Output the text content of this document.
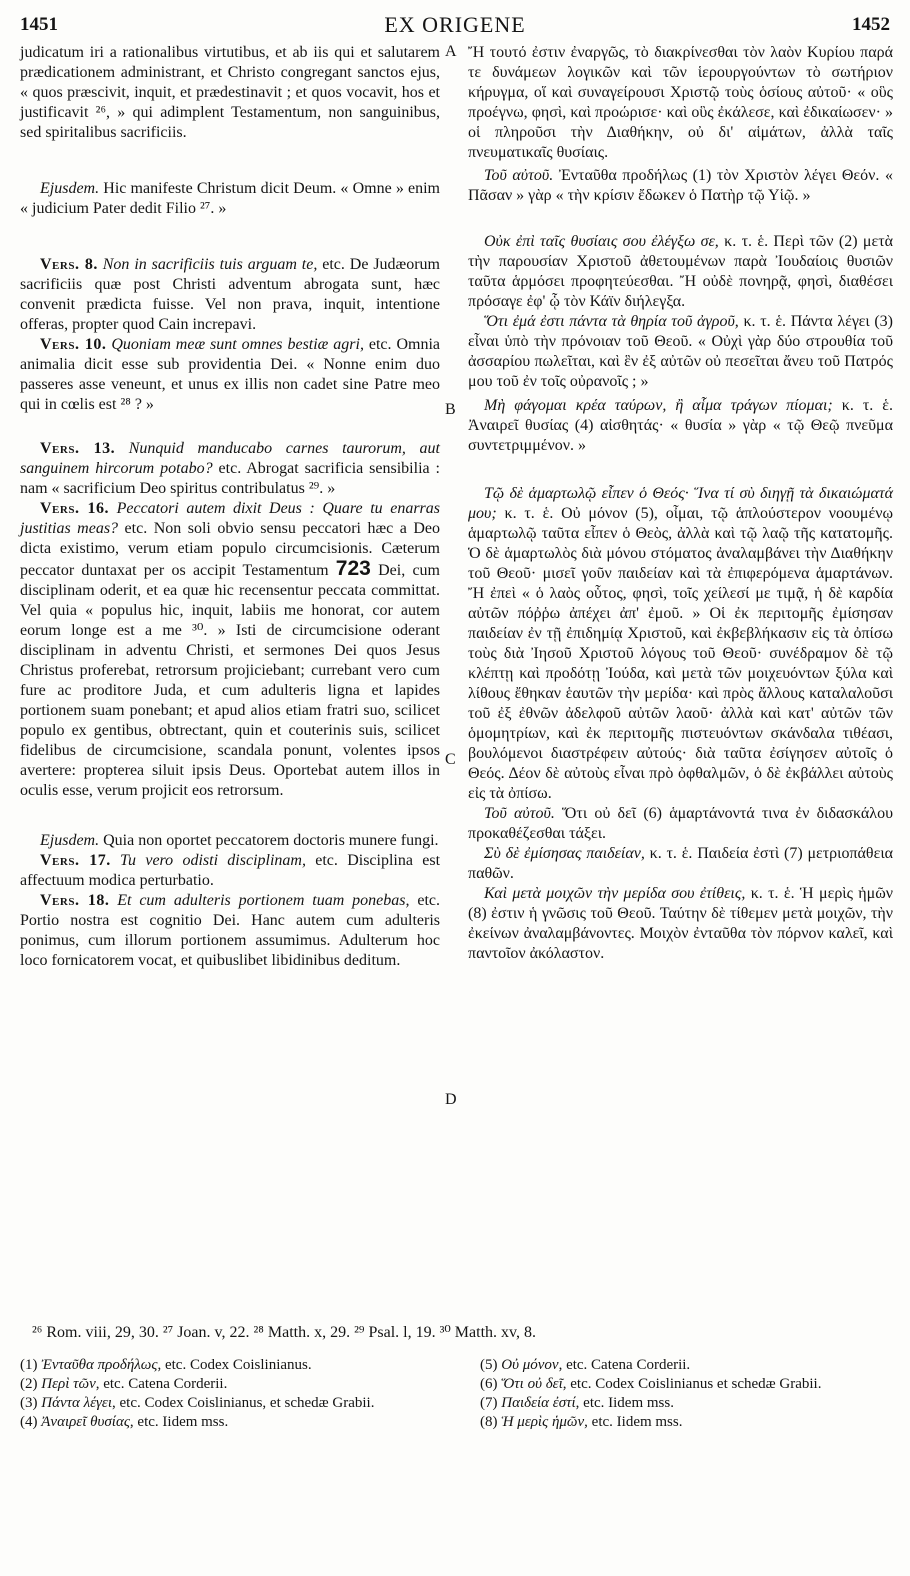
1451	EX ORIGENE	1452

judicatum iri a rationalibus virtutibus, et ab iis qui et salutarem prædicationem administrant, et Christo congregant sanctos ejus, « quos præscivit, inquit, et prædestinavit ; et quos vocavit, hos et justificavit ²⁶, » qui adimplent Testamentum, non sanguinibus, sed spiritalibus sacrificiis.

Ejusdem. Hic manifeste Christum dicit Deum. « Omne » enim « judicium Pater dedit Filio ²⁷. »

Vers. 8. Non in sacrificiis tuis arguam te, etc. De Judæorum sacrificiis quæ post Christi adventum abrogata sunt, hæc convenit prædicta fuisse. Vel non prava, inquit, intentione offeras, propter quod Cain increpavi.

Vers. 10. Quoniam meæ sunt omnes bestiæ agri, etc. Omnia animalia dicit esse sub providentia Dei. « Nonne enim duo passeres asse veneunt, et unus ex illis non cadet sine Patre meo qui in cœlis est ²⁸ ? »

Vers. 13. Nunquid manducabo carnes taurorum, aut sanguinem hircorum potabo? etc. Abrogat sacrificia sensibilia : nam « sacrificium Deo spiritus contribulatus ²⁹. »

Vers. 16. Peccatori autem dixit Deus : Quare tu enarras justitias meas? etc. Non soli obvio sensu peccatori hæc a Deo dicta existimo, verum etiam populo circumcisionis. Cæterum peccator duntaxat per os accipit Testamentum 723 Dei, cum disciplinam oderit, et ea quæ hic recensentur peccata committat. Vel quia « populus hic, inquit, labiis me honorat, cor autem eorum longe est a me ³⁰. » Isti de circumcisione oderant disciplinam in adventu Christi, et sermones Dei quos Jesus Christus proferebat, retrorsum projiciebant; currebant vero cum fure ac proditore Juda, et cum adulteris ligna et lapides portionem suam ponebant; et apud alios etiam fratri suo, scilicet populo ex gentibus, obtrectant, quin et couterinis suis, scilicet fidelibus de circumcisione, scandala ponunt, volentes ipsos avertere: propterea siluit ipsis Deus. Oportebat autem illos in oculis esse, verum projicit eos retrorsum.

Ejusdem. Quia non oportet peccatorem doctoris munere fungi.

Vers. 17. Tu vero odisti disciplinam, etc. Disciplina est affectuum modica perturbatio.

Vers. 18. Et cum adulteris portionem tuam ponebas, etc. Portio nostra est cognitio Dei. Hanc autem cum adulteris ponimus, cum illorum portionem assumimus. Adulterum hoc loco fornicatorem vocat, et quibuslibet libidinibus deditum.

A
B
C
D

Ἤ τουτό ἐστιν ἐναργῶς, τὸ διακρίνεσθαι τὸν λαὸν Κυρίου παρά τε δυνάμεων λογικῶν καὶ τῶν ἱερουργούντων τὸ σωτήριον κήρυγμα, οἵ καὶ συναγείρουσι Χριστῷ τοὺς ὁσίους αὐτοῦ· « οὓς προέγνω, φησὶ, καὶ προώρισε· καὶ οὓς ἐκάλεσε, καὶ ἐδικαίωσεν· » οἱ πληροῦσι τὴν Διαθήκην, οὐ δι' αἱμάτων, ἀλλὰ ταῖς πνευματικαῖς θυσίαις.

Τοῦ αὐτοῦ. Ἐνταῦθα προδήλως (1) τὸν Χριστὸν λέγει Θεόν. « Πᾶσαν » γὰρ « τὴν κρίσιν ἔδωκεν ὁ Πατὴρ τῷ Υἱῷ. »

Οὐκ ἐπὶ ταῖς θυσίαις σου ἐλέγξω σε, κ. τ. ἑ. Περὶ τῶν (2) μετὰ τὴν παρουσίαν Χριστοῦ ἀθετουμένων παρὰ Ἰουδαίοις θυσιῶν ταῦτα ἁρμόσει προφητεύεσθαι. Ἤ οὐδὲ πονηρᾷ, φησὶ, διαθέσει πρόσαγε ἐφ' ᾧ τὸν Κάϊν διήλεγξα.

Ὅτι ἐμά ἐστι πάντα τὰ θηρία τοῦ ἀγροῦ, κ. τ. ἑ. Πάντα λέγει (3) εἶναι ὑπὸ τὴν πρόνοιαν τοῦ Θεοῦ. « Οὐχὶ γὰρ δύο στρουθία τοῦ ἀσσαρίου πωλεῖται, καὶ ἓν ἐξ αὐτῶν οὐ πεσεῖται ἄνευ τοῦ Πατρός μου τοῦ ἐν τοῖς οὐρανοῖς ; »

Μὴ φάγομαι κρέα ταύρων, ἢ αἷμα τράγων πίομαι; κ. τ. ἑ. Ἀναιρεῖ θυσίας (4) αἰσθητάς· « θυσία » γὰρ « τῷ Θεῷ πνεῦμα συντετριμμένον. »

Τῷ δὲ ἁμαρτωλῷ εἶπεν ὁ Θεός· Ἵνα τί σὺ διηγῇ τὰ δικαιώματά μου; κ. τ. ἑ. Οὐ μόνον (5), οἶμαι, τῷ ἁπλούστερον νοουμένῳ ἁμαρτωλῷ ταῦτα εἶπεν ὁ Θεὸς, ἀλλὰ καὶ τῷ λαῷ τῆς κατατομῆς. Ὁ δὲ ἁμαρτωλὸς διὰ μόνου στόματος ἀναλαμβάνει τὴν Διαθήκην τοῦ Θεοῦ· μισεῖ γοῦν παιδείαν καὶ τὰ ἐπιφερόμενα ἁμαρτάνων. Ἤ ἐπεὶ « ὁ λαὸς οὗτος, φησὶ, τοῖς χείλεσί με τιμᾷ, ἡ δὲ καρδία αὐτῶν πόῤῥω ἀπέχει ἀπ' ἐμοῦ. » Οἱ ἐκ περιτομῆς ἐμίσησαν παιδείαν ἐν τῇ ἐπιδημίᾳ Χριστοῦ, καὶ ἐκβεβλήκασιν εἰς τὰ ὀπίσω τοὺς διὰ Ἰησοῦ Χριστοῦ λόγους τοῦ Θεοῦ· συνέδραμον δὲ τῷ κλέπτῃ καὶ προδότῃ Ἰούδα, καὶ μετὰ τῶν μοιχευόντων ξύλα καὶ λίθους ἔθηκαν ἑαυτῶν τὴν μερίδα· καὶ πρὸς ἄλλους καταλαλοῦσι τοῦ ἐξ ἐθνῶν ἀδελφοῦ αὐτῶν λαοῦ· ἀλλὰ καὶ κατ' αὐτῶν τῶν ὁμομητρίων, καὶ ἐκ περιτομῆς πιστευόντων σκάνδαλα τιθέασι, βουλόμενοι διαστρέφειν αὐτούς· διὰ ταῦτα ἐσίγησεν αὐτοῖς ὁ Θεός. Δέον δὲ αὐτοὺς εἶναι πρὸ ὀφθαλμῶν, ὁ δὲ ἐκβάλλει αὐτοὺς εἰς τὰ ὀπίσω.

Τοῦ αὐτοῦ. Ὅτι οὐ δεῖ (6) ἁμαρτάνοντά τινα ἐν διδασκάλου προκαθέζεσθαι τάξει.

Σὺ δὲ ἐμίσησας παιδείαν, κ. τ. ἑ. Παιδεία ἐστὶ (7) μετριοπάθεια παθῶν.

Καὶ μετὰ μοιχῶν τὴν μερίδα σου ἐτίθεις, κ. τ. ἑ. Ἡ μερὶς ἡμῶν (8) ἐστιν ἡ γνῶσις τοῦ Θεοῦ. Ταύτην δὲ τίθεμεν μετὰ μοιχῶν, τὴν ἐκείνων ἀναλαμβάνοντες. Μοιχὸν ἐνταῦθα τὸν πόρνον καλεῖ, καὶ παντοῖον ἀκόλαστον.

²⁶ Rom. viii, 29, 30. ²⁷ Joan. v, 22. ²⁸ Matth. x, 29. ²⁹ Psal. l, 19. ³⁰ Matth. xv, 8.
(1) Ἐνταῦθα προδήλως, etc. Codex Coislinianus.
(2) Περὶ τῶν, etc. Catena Corderii.
(3) Πάντα λέγει, etc. Codex Coislinianus, et schedæ Grabii.
(4) Ἀναιρεῖ θυσίας, etc. Iidem mss.
(5) Οὐ μόνον, etc. Catena Corderii.
(6) Ὅτι οὐ δεῖ, etc. Codex Coislinianus et schedæ Grabii.
(7) Παιδεία ἐστί, etc. Iidem mss.
(8) Ἡ μερὶς ἡμῶν, etc. Iidem mss.
